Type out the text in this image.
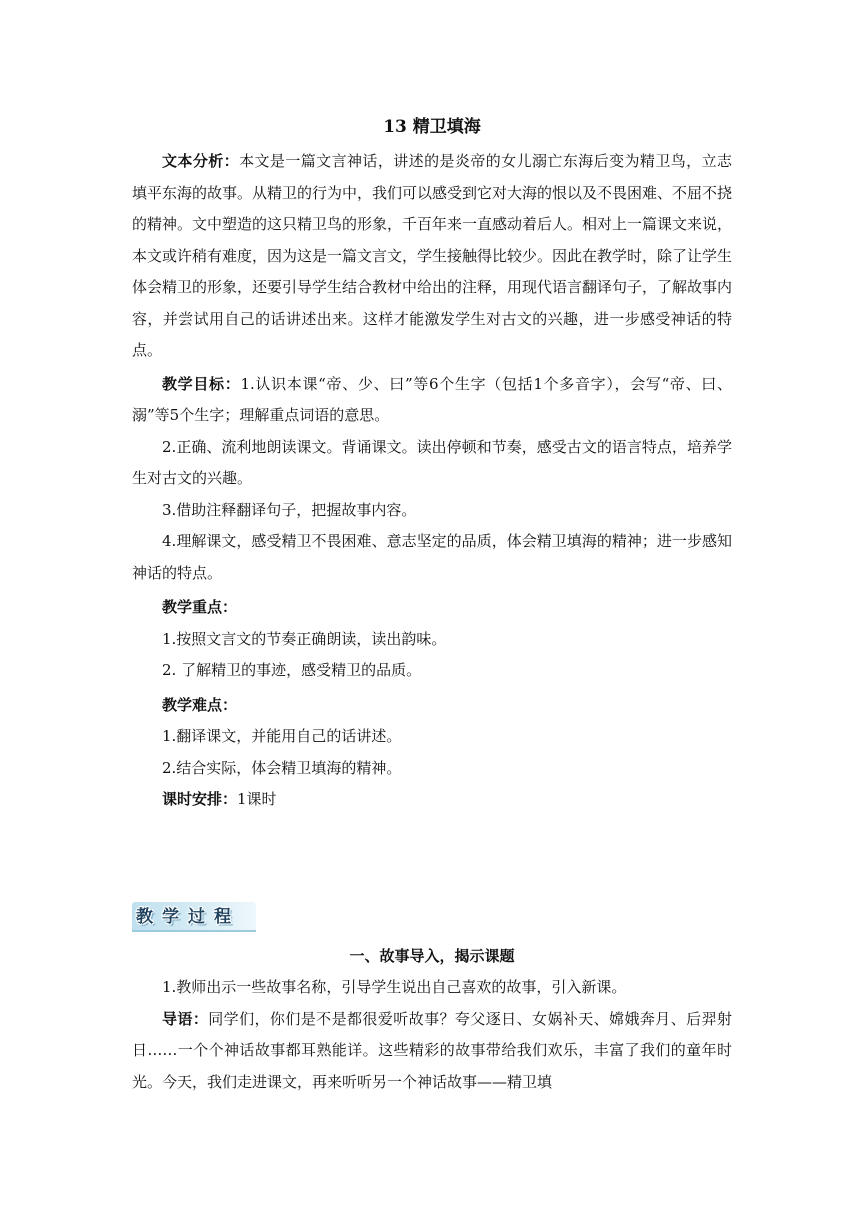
13 精卫填海

文本分析：本文是一篇文言神话，讲述的是炎帝的女儿溺亡东海后变为精卫鸟，立志填平东海的故事。从精卫的行为中，我们可以感受到它对大海的恨以及不畏困难、不屈不挠的精神。文中塑造的这只精卫鸟的形象，千百年来一直感动着后人。相对上一篇课文来说，本文或许稍有难度，因为这是一篇文言文，学生接触得比较少。因此在教学时，除了让学生体会精卫的形象，还要引导学生结合教材中给出的注释，用现代语言翻译句子，了解故事内容，并尝试用自己的话讲述出来。这样才能激发学生对古文的兴趣，进一步感受神话的特点。

教学目标：1.认识本课“帝、少、曰”等6个生字（包括1个多音字），会写“帝、曰、溺”等5个生字；理解重点词语的意思。

2.正确、流利地朗读课文。背诵课文。读出停顿和节奏，感受古文的语言特点，培养学生对古文的兴趣。

3.借助注释翻译句子，把握故事内容。

4.理解课文，感受精卫不畏困难、意志坚定的品质，体会精卫填海的精神；进一步感知神话的特点。

教学重点：

1.按照文言文的节奏正确朗读，读出韵味。

2. 了解精卫的事迹，感受精卫的品质。

教学难点：

1.翻译课文，并能用自己的话讲述。

2.结合实际，体会精卫填海的精神。

课时安排：1课时

教学过程
一、故事导入，揭示课题

1.教师出示一些故事名称，引导学生说出自己喜欢的故事，引入新课。

导语：同学们，你们是不是都很爱听故事？夸父逐日、女娲补天、嫦娥奔月、后羿射日……一个个神话故事都耳熟能详。这些精彩的故事带给我们欢乐，丰富了我们的童年时光。今天，我们走进课文，再来听听另一个神话故事——精卫填
